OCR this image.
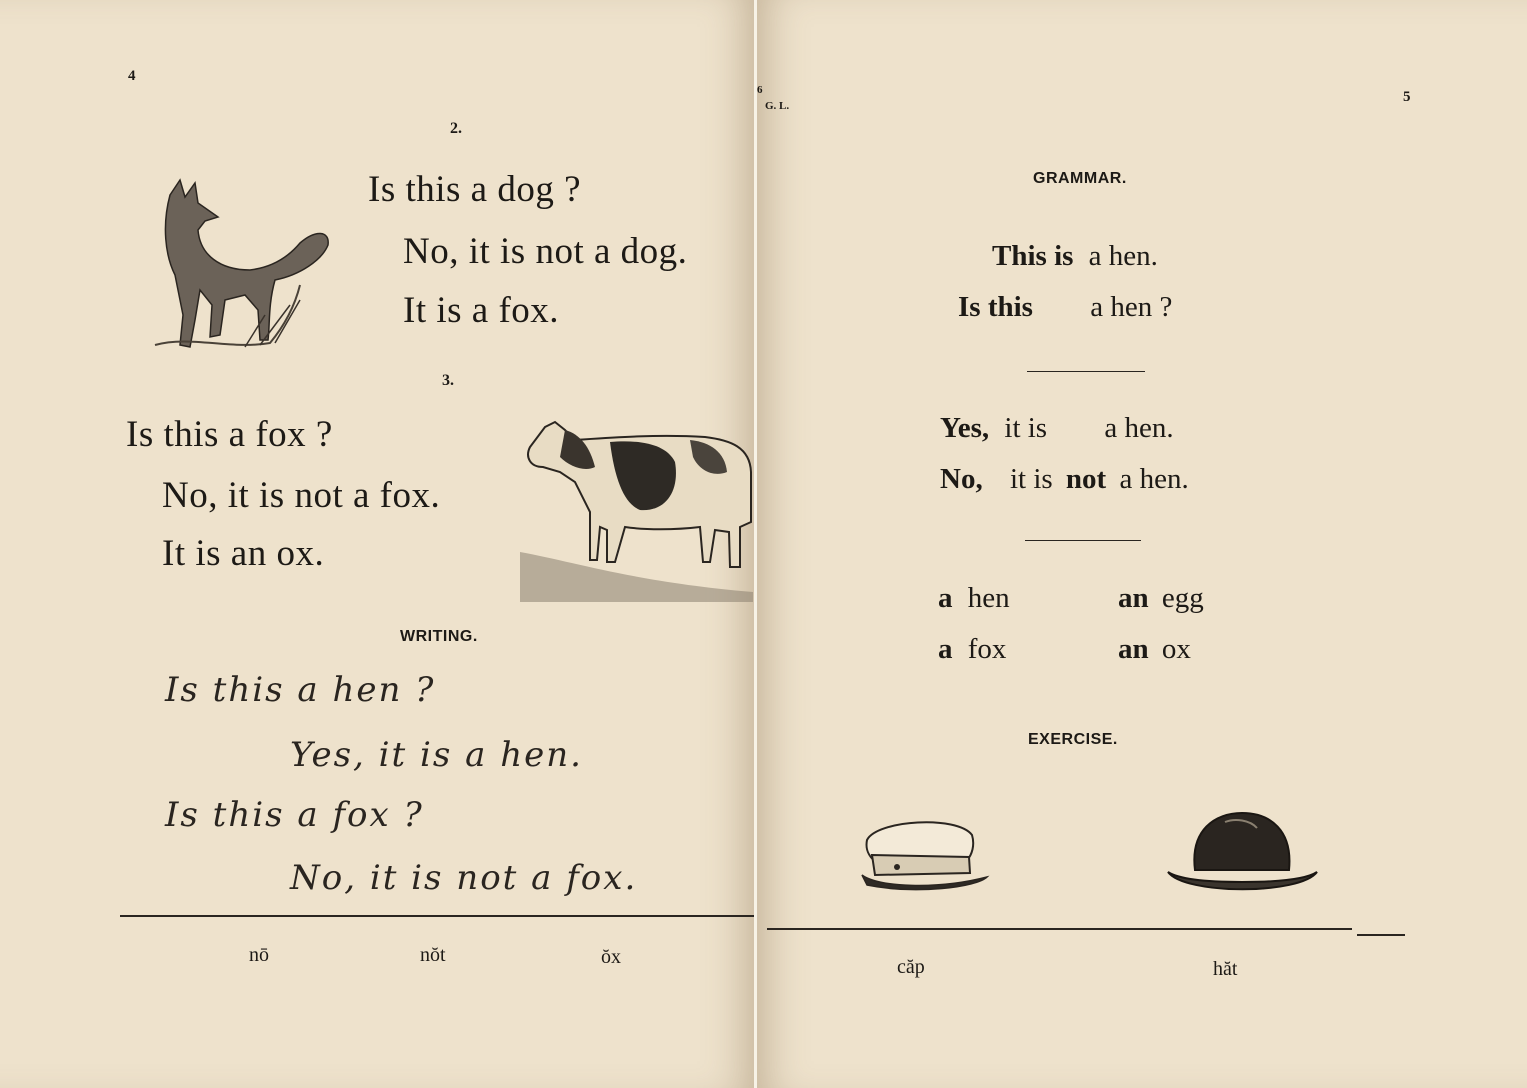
4
2.
Is this a dog ?
No, it is not a dog.
It is a fox.
3.
Is this a fox ?
No, it is not a fox.
It is an ox.
WRITING.
Is this a hen ?
Yes, it is a hen.
Is this a fox ?
No, it is not a fox.
nō	nŏt	ŏx
6
G. L.
5
GRAMMAR.
This is a hen.
Is this a hen ?
Yes, it is a hen.
No, it is not a hen.
a hen	an egg
a fox	an ox
EXERCISE.
căp	hăt
